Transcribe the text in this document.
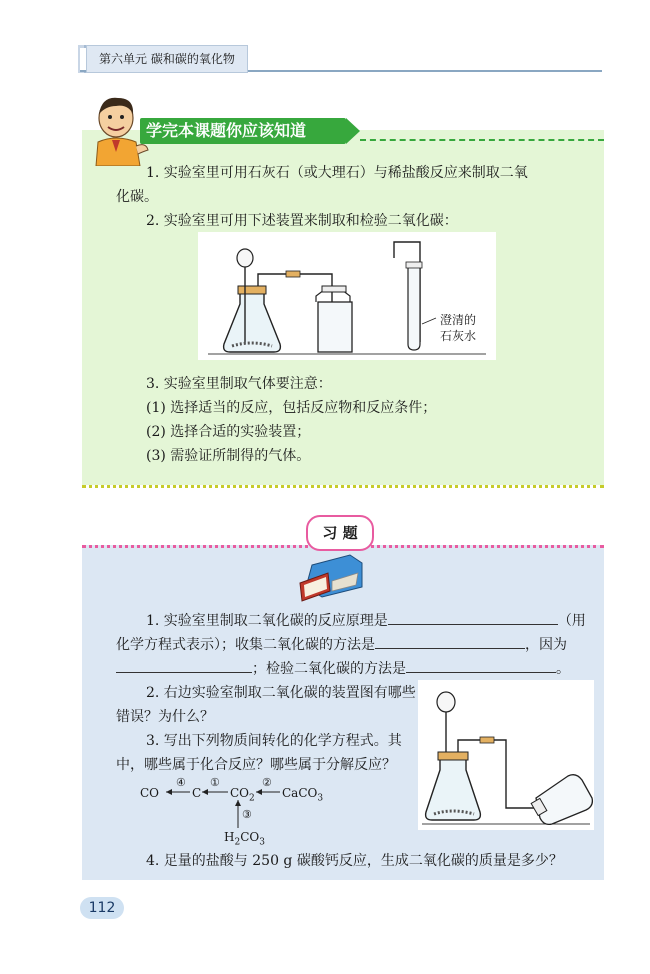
第六单元 碳和碳的氧化物
学完本课题你应该知道
1. 实验室里可用石灰石（或大理石）与稀盐酸反应来制取二氧
化碳。
2. 实验室里可用下述装置来制取和检验二氧化碳：
澄清的
石灰水
3. 实验室里制取气体要注意：
(1) 选择适当的反应，包括反应物和反应条件；
(2) 选择合适的实验装置；
(3) 需验证所制得的气体。
习 题
1. 实验室里制取二氧化碳的反应原理是	（用
化学方程式表示）；收集二氧化碳的方法是	，因为
；检验二氧化碳的方法是	。
2. 右边实验室制取二氧化碳的装置图有哪些
错误？为什么？
3. 写出下列物质间转化的化学方程式。其
中，哪些属于化合反应？哪些属于分解反应？
CO
④
C
①
$CO_2$
②
CaCO$_3$
③
$H_2CO_3$
4. 足量的盐酸与 250 g 碳酸钙反应，生成二氧化碳的质量是多少？
112
